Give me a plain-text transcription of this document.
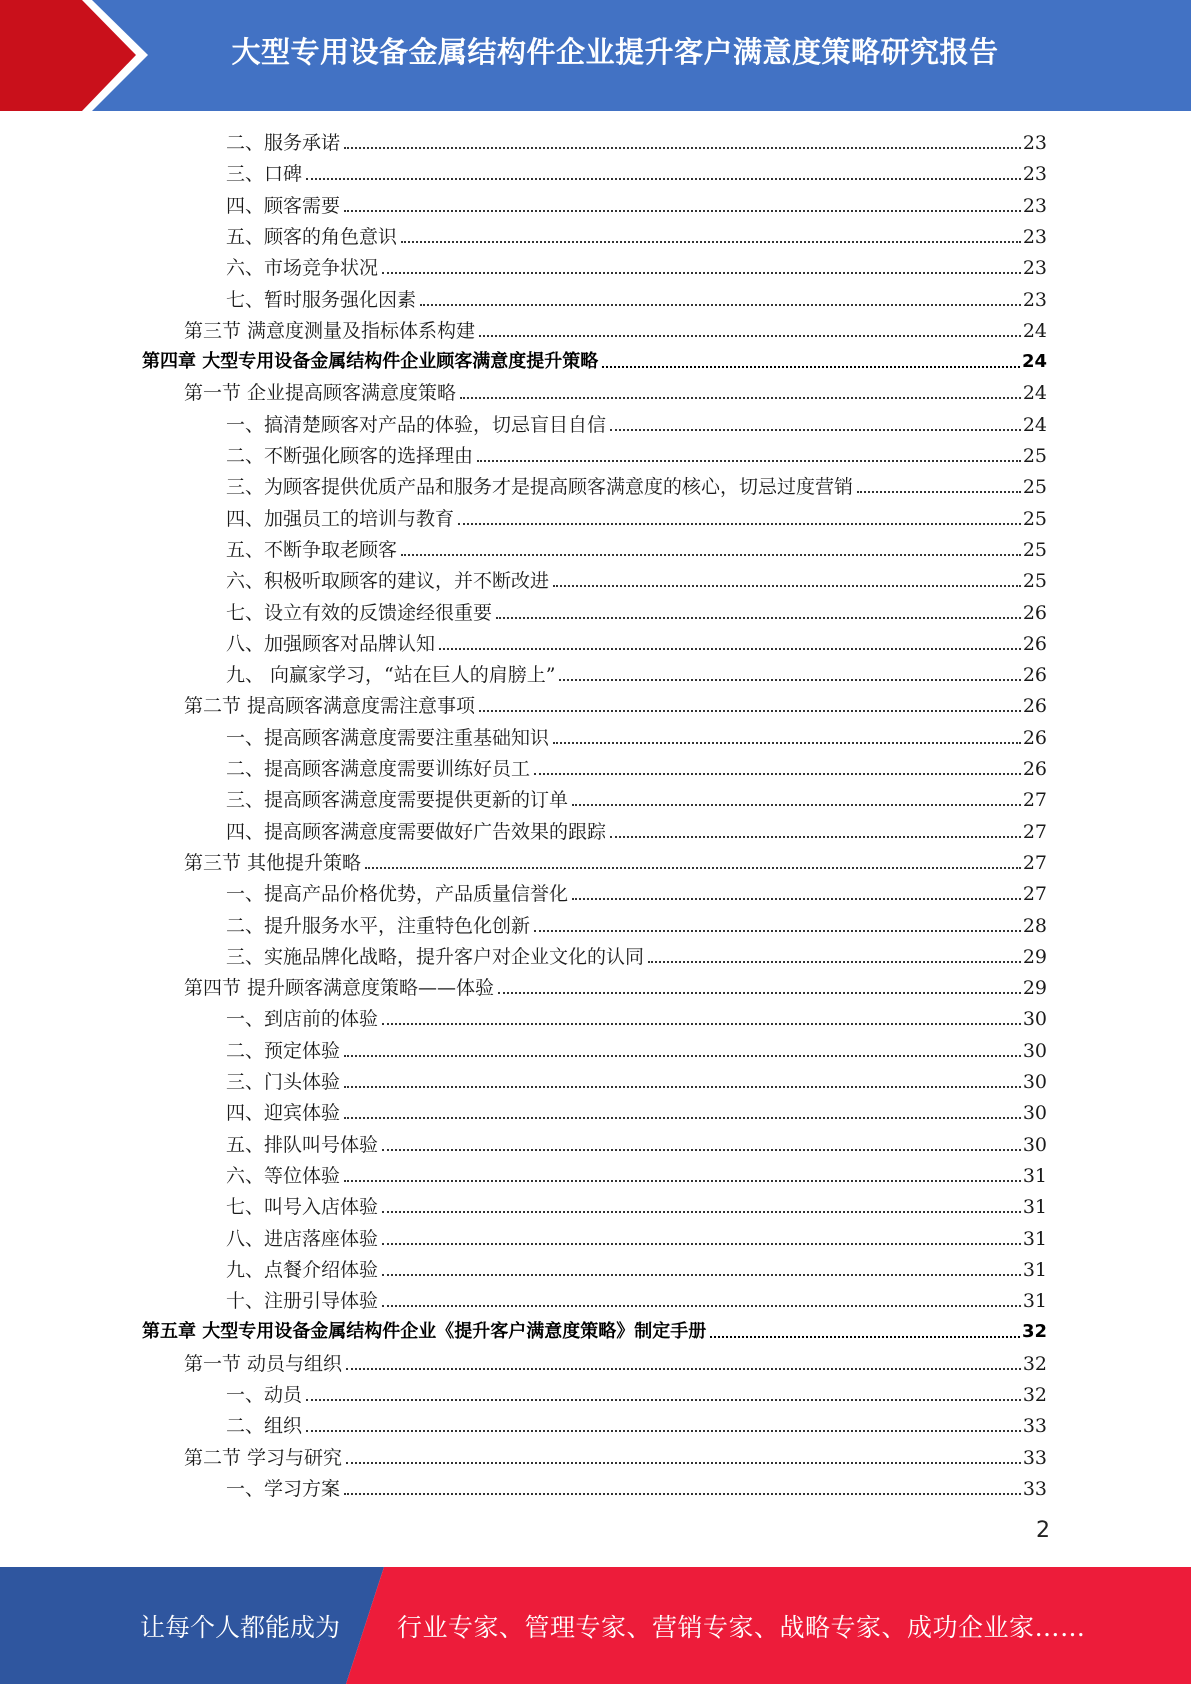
大型专用设备金属结构件企业提升客户满意度策略研究报告
二、服务承诺	23
三、口碑	23
四、顾客需要	23
五、顾客的角色意识	23
六、市场竞争状况	23
七、暂时服务强化因素	23
第三节 满意度测量及指标体系构建	24
第四章 大型专用设备金属结构件企业顾客满意度提升策略	24
第一节 企业提高顾客满意度策略	24
一、搞清楚顾客对产品的体验，切忌盲目自信	24
二、不断强化顾客的选择理由	25
三、为顾客提供优质产品和服务才是提高顾客满意度的核心，切忌过度营销	25
四、加强员工的培训与教育	25
五、不断争取老顾客	25
六、积极听取顾客的建议，并不断改进	25
七、设立有效的反馈途经很重要	26
八、加强顾客对品牌认知	26
九、 向赢家学习，“站在巨人的肩膀上”	26
第二节 提高顾客满意度需注意事项	26
一、提高顾客满意度需要注重基础知识	26
二、提高顾客满意度需要训练好员工	26
三、提高顾客满意度需要提供更新的订单	27
四、提高顾客满意度需要做好广告效果的跟踪	27
第三节 其他提升策略	27
一、提高产品价格优势，产品质量信誉化	27
二、提升服务水平，注重特色化创新	28
三、实施品牌化战略，提升客户对企业文化的认同	29
第四节 提升顾客满意度策略——体验	29
一、到店前的体验	30
二、预定体验	30
三、门头体验	30
四、迎宾体验	30
五、排队叫号体验	30
六、等位体验	31
七、叫号入店体验	31
八、进店落座体验	31
九、点餐介绍体验	31
十、注册引导体验	31
第五章 大型专用设备金属结构件企业《提升客户满意度策略》制定手册	32
第一节 动员与组织	32
一、动员	32
二、组织	33
第二节 学习与研究	33
一、学习方案	33
2
让每个人都能成为 行业专家、管理专家、营销专家、战略专家、成功企业家……
